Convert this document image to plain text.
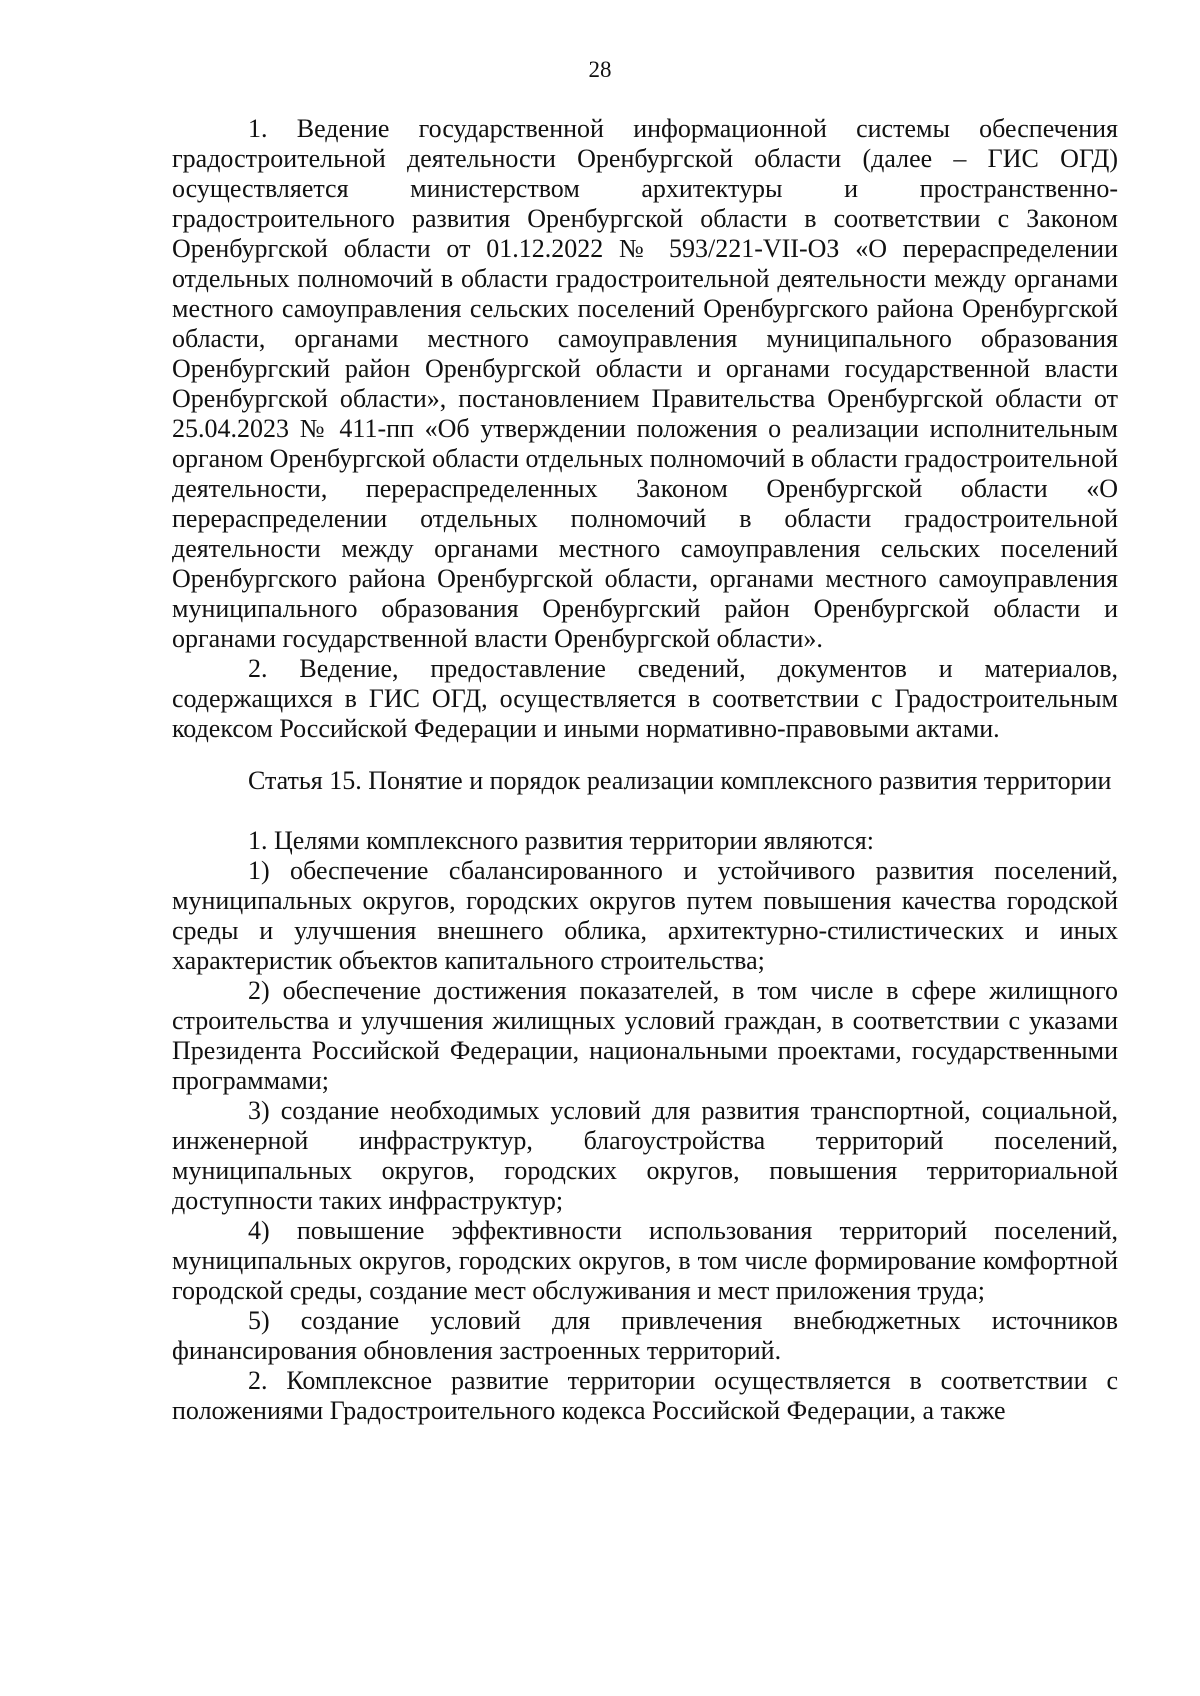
28

1. Ведение государственной информационной системы обеспечения градостроительной деятельности Оренбургской области (далее – ГИС ОГД) осуществляется министерством архитектуры и пространственно-градостроительного развития Оренбургской области в соответствии с Законом Оренбургской области от 01.12.2022 № 593/221-VII-ОЗ «О перераспределении отдельных полномочий в области градостроительной деятельности между органами местного самоуправления сельских поселений Оренбургского района Оренбургской области, органами местного самоуправления муниципального образования Оренбургский район Оренбургской области и органами государственной власти Оренбургской области», постановлением Правительства Оренбургской области от 25.04.2023 № 411-пп «Об утверждении положения о реализации исполнительным органом Оренбургской области отдельных полномочий в области градостроительной деятельности, перераспределенных Законом Оренбургской области «О перераспределении отдельных полномочий в области градостроительной деятельности между органами местного самоуправления сельских поселений Оренбургского района Оренбургской области, органами местного самоуправления муниципального образования Оренбургский район Оренбургской области и органами государственной власти Оренбургской области».

2. Ведение, предоставление сведений, документов и материалов, содержащихся в ГИС ОГД, осуществляется в соответствии с Градостроительным кодексом Российской Федерации и иными нормативно-правовыми актами.

Статья 15. Понятие и порядок реализации комплексного развития территории

1. Целями комплексного развития территории являются:

1) обеспечение сбалансированного и устойчивого развития поселений, муниципальных округов, городских округов путем повышения качества городской среды и улучшения внешнего облика, архитектурно-стилистических и иных характеристик объектов капитального строительства;

2) обеспечение достижения показателей, в том числе в сфере жилищного строительства и улучшения жилищных условий граждан, в соответствии с указами Президента Российской Федерации, национальными проектами, государственными программами;

3) создание необходимых условий для развития транспортной, социальной, инженерной инфраструктур, благоустройства территорий поселений, муниципальных округов, городских округов, повышения территориальной доступности таких инфраструктур;

4) повышение эффективности использования территорий поселений, муниципальных округов, городских округов, в том числе формирование комфортной городской среды, создание мест обслуживания и мест приложения труда;

5) создание условий для привлечения внебюджетных источников финансирования обновления застроенных территорий.

2. Комплексное развитие территории осуществляется в соответствии с положениями Градостроительного кодекса Российской Федерации, а также
